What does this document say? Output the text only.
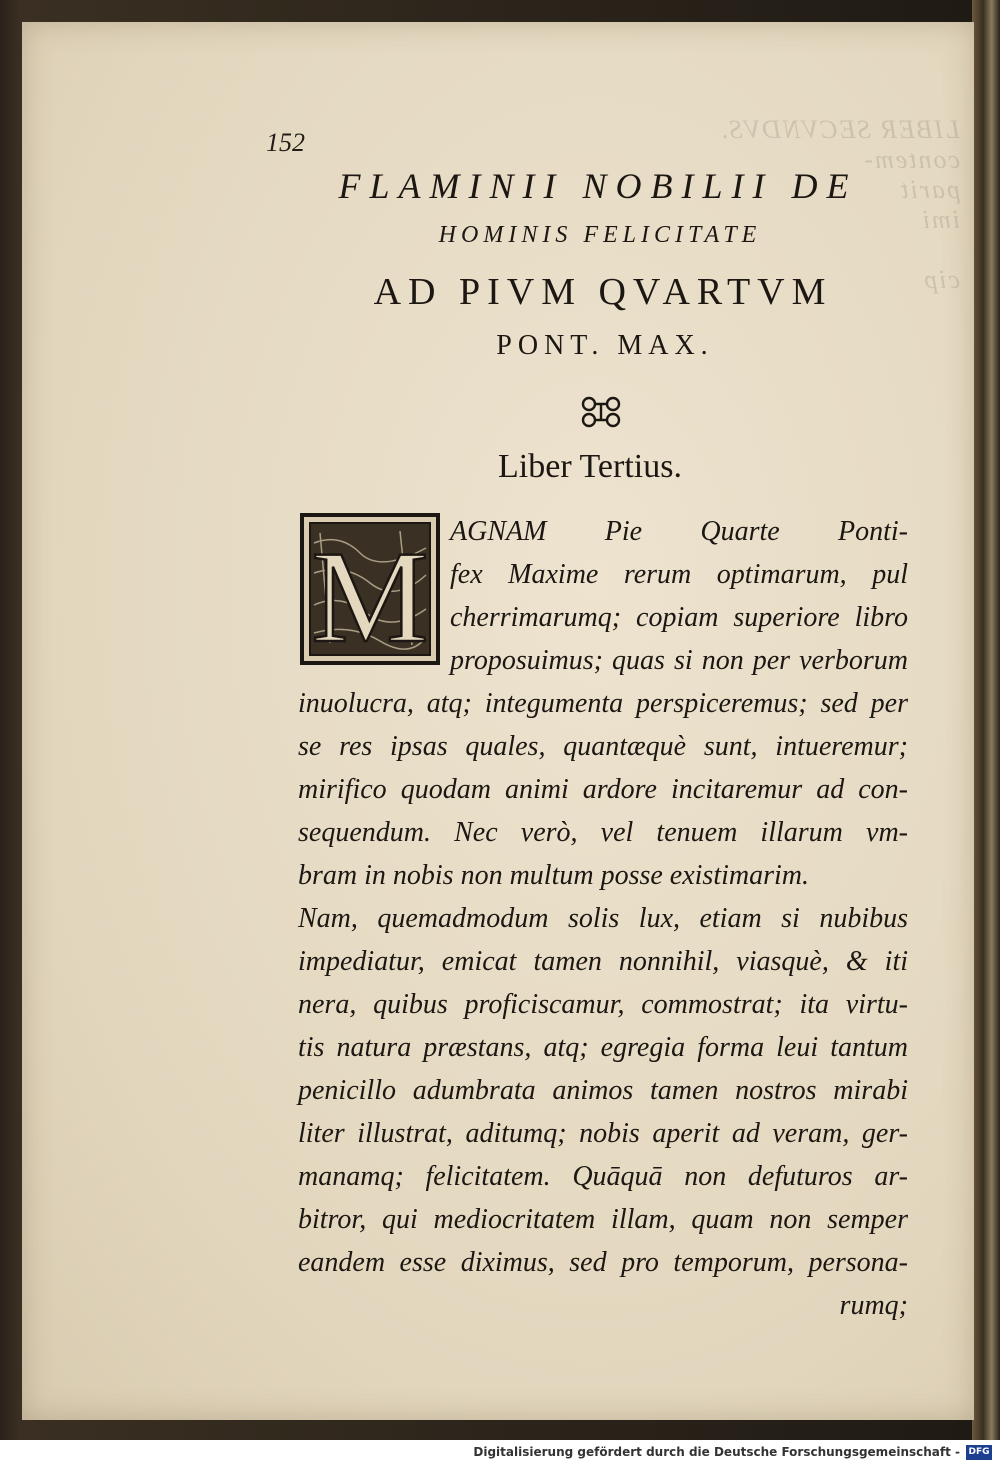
LIBER SECVNDVS.
contem-
parit
imi

cip
152
FLAMINII NOBILII DE
HOMINIS FELICITATE
AD PIVM QVARTVM
PONT. MAX.
Liber Tertius.
M AGNAM Pie Quarte Ponti-
fex Maxime rerum optimarum, pul
cherrimarumq; copiam superiore libro
proposuimus; quas si non per verborum
inuolucra, atq; integumenta perspiceremus; sed per
se res ipsas quales, quantæquè sunt, intueremur;
mirifico quodam animi ardore incitaremur ad con-
sequendum. Nec verò, vel tenuem illarum vm-
bram in nobis non multum posse existimarim.
Nam, quemadmodum solis lux, etiam si nubibus
impediatur, emicat tamen nonnihil, viasquè, & iti
nera, quibus proficiscamur, commostrat; ita virtu-
tis natura præstans, atq; egregia forma leui tantum
penicillo adumbrata animos tamen nostros mirabi
liter illustrat, aditumq; nobis aperit ad veram, ger-
manamq; felicitatem. Quāquā non defuturos ar-
bitror, qui mediocritatem illam, quam non semper
eandem esse diximus, sed pro temporum, persona-
rumq;
Digitalisierung gefördert durch die Deutsche Forschungsgemeinschaft - DFG
